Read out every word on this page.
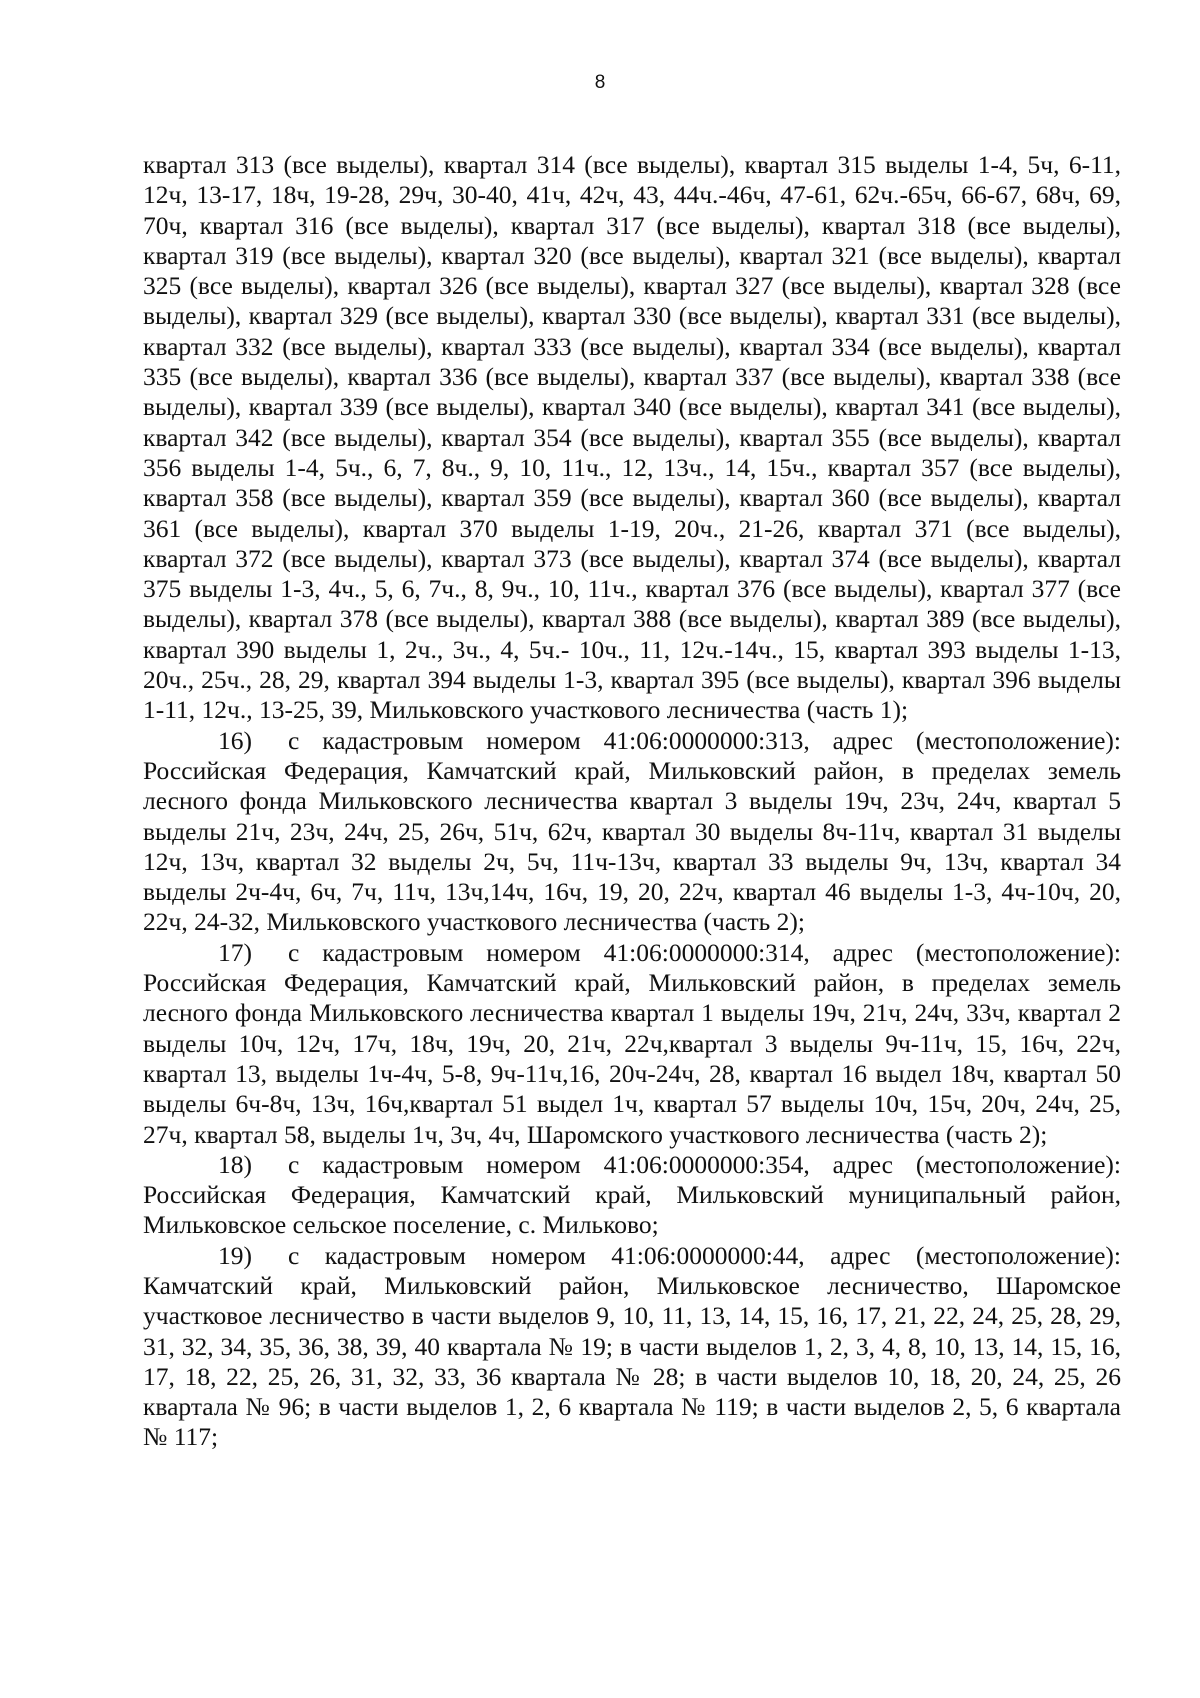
8

квартал 313 (все выделы), квартал 314 (все выделы), квартал 315 выделы 1-4, 5ч, 6-11, 12ч, 13-17, 18ч, 19-28, 29ч, 30-40, 41ч, 42ч, 43, 44ч.-46ч, 47-61, 62ч.-65ч, 66-67, 68ч, 69, 70ч, квартал 316 (все выделы), квартал 317 (все выделы), квартал 318 (все выделы), квартал 319 (все выделы), квартал 320 (все выделы), квартал 321 (все выделы), квартал 325 (все выделы), квартал 326 (все выделы), квартал 327 (все выделы), квартал 328 (все выделы), квартал 329 (все выделы), квартал 330 (все выделы), квартал 331 (все выделы), квартал 332 (все выделы), квартал 333 (все выделы), квартал 334 (все выделы), квартал 335 (все выделы), квартал 336 (все выделы), квартал 337 (все выделы), квартал 338 (все выделы), квартал 339 (все выделы), квартал 340 (все выделы), квартал 341 (все выделы), квартал 342 (все выделы), квартал 354 (все выделы), квартал 355 (все выделы), квартал 356 выделы 1-4, 5ч., 6, 7, 8ч., 9, 10, 11ч., 12, 13ч., 14, 15ч., квартал 357 (все выделы), квартал 358 (все выделы), квартал 359 (все выделы), квартал 360 (все выделы), квартал 361 (все выделы), квартал 370 выделы 1-19, 20ч., 21-26, квартал 371 (все выделы), квартал 372 (все выделы), квартал 373 (все выделы), квартал 374 (все выделы), квартал 375 выделы 1-3, 4ч., 5, 6, 7ч., 8, 9ч., 10, 11ч., квартал 376 (все выделы), квартал 377 (все выделы), квартал 378 (все выделы), квартал 388 (все выделы), квартал 389 (все выделы), квартал 390 выделы 1, 2ч., 3ч., 4, 5ч.- 10ч., 11, 12ч.-14ч., 15, квартал 393 выделы 1-13, 20ч., 25ч., 28, 29, квартал 394 выделы 1-3, квартал 395 (все выделы), квартал 396 выделы 1-11, 12ч., 13-25, 39, Мильковского участкового лесничества (часть 1);

16) с кадастровым номером 41:06:0000000:313, адрес (местоположение): Российская Федерация, Камчатский край, Мильковский район, в пределах земель лесного фонда Мильковского лесничества квартал 3 выделы 19ч, 23ч, 24ч, квартал 5 выделы 21ч, 23ч, 24ч, 25, 26ч, 51ч, 62ч, квартал 30 выделы 8ч-11ч, квартал 31 выделы 12ч, 13ч, квартал 32 выделы 2ч, 5ч, 11ч-13ч, квартал 33 выделы 9ч, 13ч, квартал 34 выделы 2ч-4ч, 6ч, 7ч, 11ч, 13ч,14ч, 16ч, 19, 20, 22ч, квартал 46 выделы 1-3, 4ч-10ч, 20, 22ч, 24-32, Мильковского участкового лесничества (часть 2);

17) с кадастровым номером 41:06:0000000:314, адрес (местоположение): Российская Федерация, Камчатский край, Мильковский район, в пределах земель лесного фонда Мильковского лесничества квартал 1 выделы 19ч, 21ч, 24ч, 33ч, квартал 2 выделы 10ч, 12ч, 17ч, 18ч, 19ч, 20, 21ч, 22ч,квартал 3 выделы 9ч-11ч, 15, 16ч, 22ч, квартал 13, выделы 1ч-4ч, 5-8, 9ч-11ч,16, 20ч-24ч, 28, квартал 16 выдел 18ч, квартал 50 выделы 6ч-8ч, 13ч, 16ч,квартал 51 выдел 1ч, квартал 57 выделы 10ч, 15ч, 20ч, 24ч, 25, 27ч, квартал 58, выделы 1ч, 3ч, 4ч, Шаромского участкового лесничества (часть 2);

18) с кадастровым номером 41:06:0000000:354, адрес (местоположение): Российская Федерация, Камчатский край, Мильковский муниципальный район, Мильковское сельское поселение, с. Мильково;

19) с кадастровым номером 41:06:0000000:44, адрес (местоположение): Камчатский край, Мильковский район, Мильковское лесничество, Шаромское участковое лесничество в части выделов 9, 10, 11, 13, 14, 15, 16, 17, 21, 22, 24, 25, 28, 29, 31, 32, 34, 35, 36, 38, 39, 40 квартала № 19; в части выделов 1, 2, 3, 4, 8, 10, 13, 14, 15, 16, 17, 18, 22, 25, 26, 31, 32, 33, 36 квартала № 28; в части выделов 10, 18, 20, 24, 25, 26 квартала № 96; в части выделов 1, 2, 6 квартала № 119; в части выделов 2, 5, 6 квартала № 117;
